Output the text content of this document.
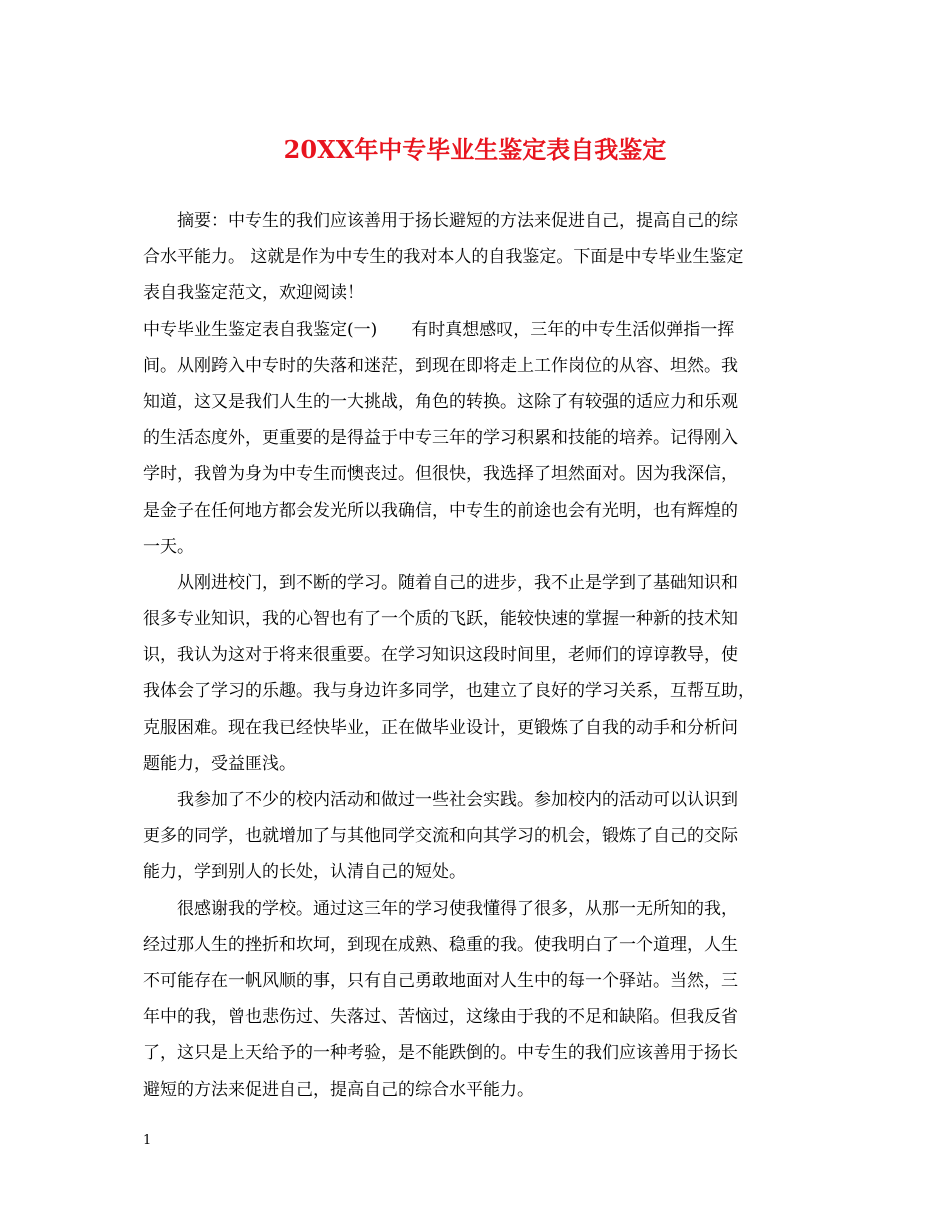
20XX年中专毕业生鉴定表自我鉴定
摘要：中专生的我们应该善用于扬长避短的方法来促进自己，提高自己的综
合水平能力。 这就是作为中专生的我对本人的自我鉴定。下面是中专毕业生鉴定
表自我鉴定范文，欢迎阅读！
中专毕业生鉴定表自我鉴定(一)　　有时真想感叹，三年的中专生活似弹指一挥
间。从刚跨入中专时的失落和迷茫，到现在即将走上工作岗位的从容、坦然。我
知道，这又是我们人生的一大挑战，角色的转换。这除了有较强的适应力和乐观
的生活态度外，更重要的是得益于中专三年的学习积累和技能的培养。记得刚入
学时，我曾为身为中专生而懊丧过。但很快，我选择了坦然面对。因为我深信，
是金子在任何地方都会发光所以我确信，中专生的前途也会有光明，也有辉煌的
一天。
从刚进校门，到不断的学习。随着自己的进步，我不止是学到了基础知识和
很多专业知识，我的心智也有了一个质的飞跃，能较快速的掌握一种新的技术知
识，我认为这对于将来很重要。在学习知识这段时间里，老师们的谆谆教导，使
我体会了学习的乐趣。我与身边许多同学，也建立了良好的学习关系，互帮互助，
克服困难。现在我已经快毕业，正在做毕业设计，更锻炼了自我的动手和分析问
题能力，受益匪浅。
我参加了不少的校内活动和做过一些社会实践。参加校内的活动可以认识到
更多的同学，也就增加了与其他同学交流和向其学习的机会，锻炼了自己的交际
能力，学到别人的长处，认清自己的短处。
很感谢我的学校。通过这三年的学习使我懂得了很多，从那一无所知的我，
经过那人生的挫折和坎坷，到现在成熟、稳重的我。使我明白了一个道理，人生
不可能存在一帆风顺的事，只有自己勇敢地面对人生中的每一个驿站。当然，三
年中的我，曾也悲伤过、失落过、苦恼过，这缘由于我的不足和缺陷。但我反省
了，这只是上天给予的一种考验，是不能跌倒的。中专生的我们应该善用于扬长
避短的方法来促进自己，提高自己的综合水平能力。
1
